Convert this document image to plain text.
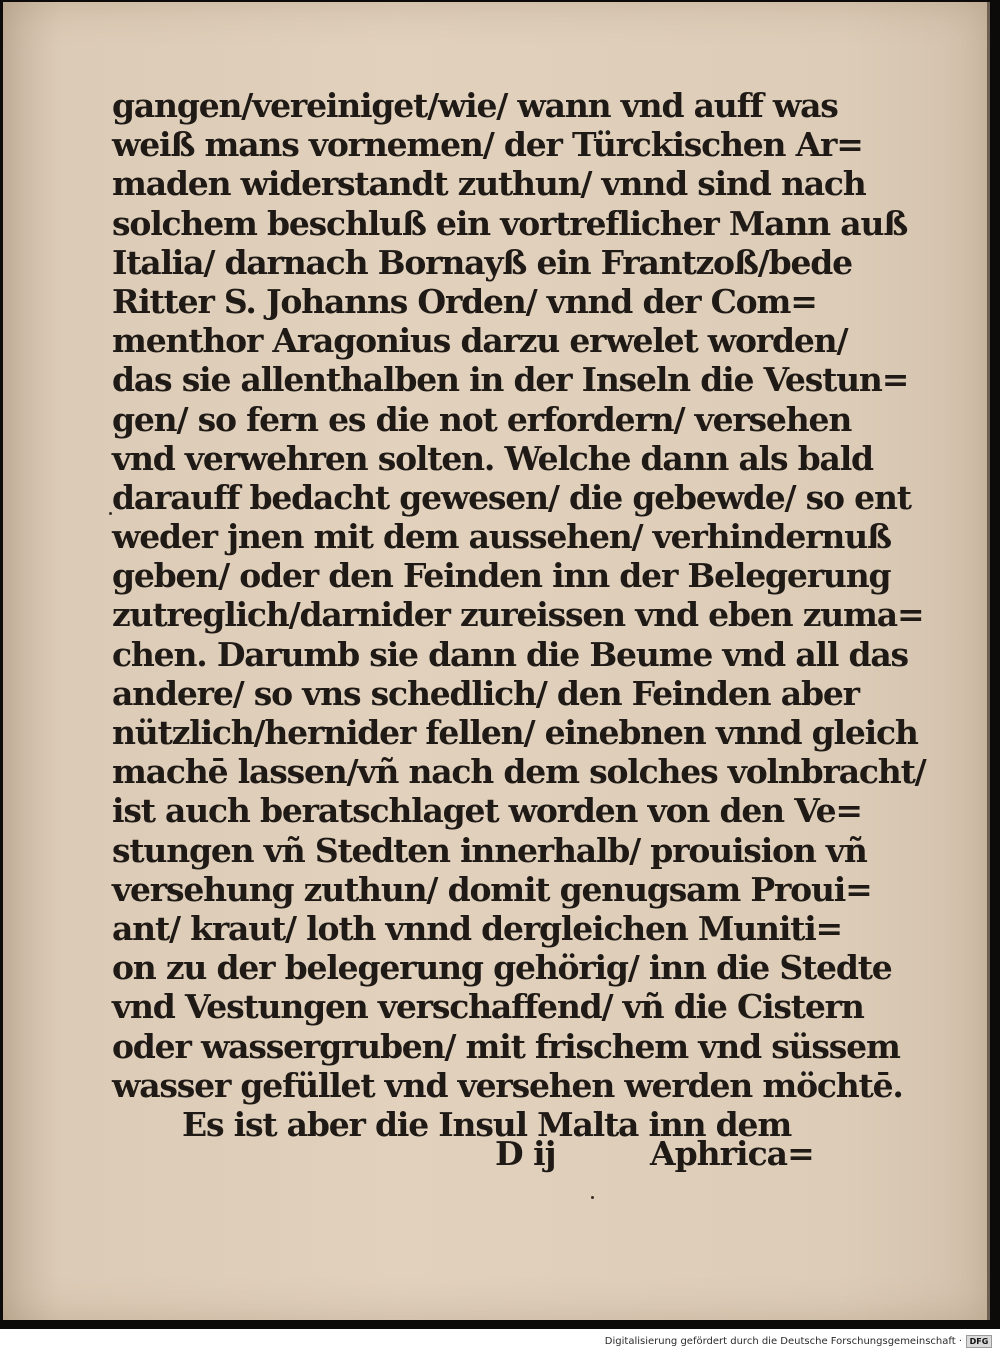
gangen/vereiniget/wie/ wann vnd auff was
weiß mans vornemen/ der Türckischen Ar=
maden widerstandt zuthun/ vnnd sind nach
solchem beschluß ein vortreflicher Mann auß
Italia/ darnach Bornayß ein Frantzoß/bede
Ritter S. Johanns Orden/ vnnd der Com=
menthor Aragonius darzu erwelet worden/
das sie allenthalben in der Inseln die Vestun=
gen/ so fern es die not erfordern/ versehen
vnd verwehren solten. Welche dann als bald
darauff bedacht gewesen/ die gebewde/ so ent
weder jnen mit dem aussehen/ verhindernuß
geben/ oder den Feinden inn der Belegerung
zutreglich/darnider zureissen vnd eben zuma=
chen. Darumb sie dann die Beume vnd all das
andere/ so vns schedlich/ den Feinden aber
nützlich/hernider fellen/ einebnen vnnd gleich
machē lassen/vñ nach dem solches volnbracht/
ist auch beratschlaget worden von den Ve=
stungen vñ Stedten innerhalb/ prouision vñ
versehung zuthun/ domit genugsam Proui=
ant/ kraut/ loth vnnd dergleichen Muniti=
on zu der belegerung gehörig/ inn die Stedte
vnd Vestungen verschaffend/ vñ die Cistern
oder wassergruben/ mit frischem vnd süssem
wasser gefüllet vnd versehen werden möchtē.
Es ist aber die Insul Malta inn dem
D ij	Aphrica=
Digitalisierung gefördert durch die Deutsche Forschungsgemeinschaft · DFG
